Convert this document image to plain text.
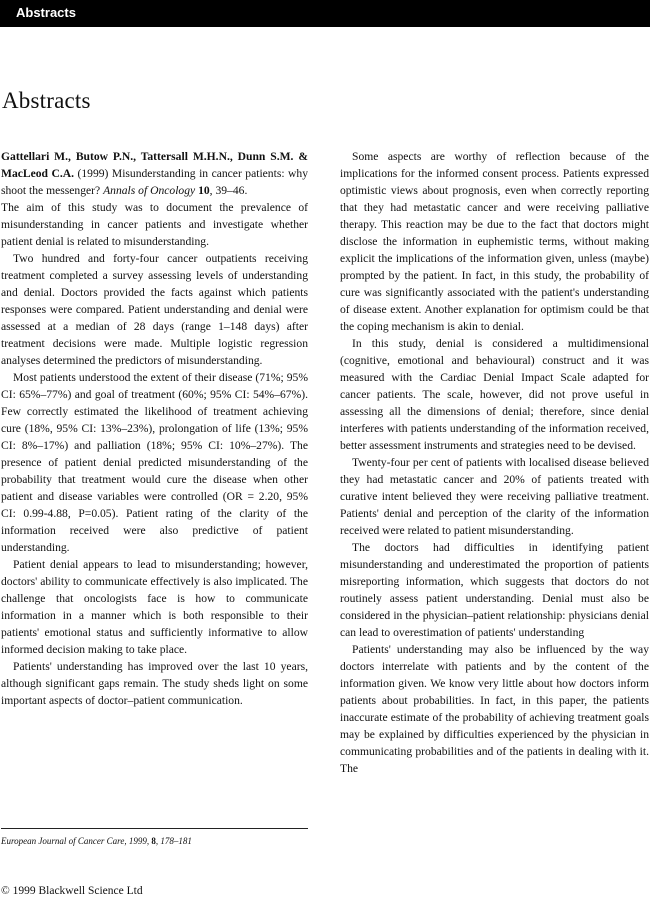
Abstracts
Abstracts

Gattellari M., Butow P.N., Tattersall M.H.N., Dunn S.M. & MacLeod C.A. (1999) Misunderstanding in cancer patients: why shoot the messenger? Annals of Oncology 10, 39–46.

The aim of this study was to document the prevalence of misunderstanding in cancer patients and investigate whether patient denial is related to misunderstanding.

Two hundred and forty-four cancer outpatients receiving treatment completed a survey assessing levels of understanding and denial. Doctors provided the facts against which patients responses were compared. Patient understanding and denial were assessed at a median of 28 days (range 1–148 days) after treatment decisions were made. Multiple logistic regression analyses determined the predictors of misunderstanding.

Most patients understood the extent of their disease (71%; 95% CI: 65%–77%) and goal of treatment (60%; 95% CI: 54%–67%). Few correctly estimated the likelihood of treatment achieving cure (18%, 95% CI: 13%–23%), prolongation of life (13%; 95% CI: 8%–17%) and palliation (18%; 95% CI: 10%–27%). The presence of patient denial predicted misunderstanding of the probability that treatment would cure the disease when other patient and disease variables were controlled (OR = 2.20, 95% CI: 0.99-4.88, P=0.05). Patient rating of the clarity of the information received were also predictive of patient understanding.

Patient denial appears to lead to misunderstanding; however, doctors' ability to communicate effectively is also implicated. The challenge that oncologists face is how to communicate information in a manner which is both responsible to their patients' emotional status and sufficiently informative to allow informed decision making to take place.

Patients' understanding has improved over the last 10 years, although significant gaps remain. The study sheds light on some important aspects of doctor–patient communication.

Some aspects are worthy of reflection because of the implications for the informed consent process. Patients expressed optimistic views about prognosis, even when correctly reporting that they had metastatic cancer and were receiving palliative therapy. This reaction may be due to the fact that doctors might disclose the information in euphemistic terms, without making explicit the implications of the information given, unless (maybe) prompted by the patient. In fact, in this study, the probability of cure was significantly associated with the patient's understanding of disease extent. Another explanation for optimism could be that the coping mechanism is akin to denial.

In this study, denial is considered a multidimensional (cognitive, emotional and behavioural) construct and it was measured with the Cardiac Denial Impact Scale adapted for cancer patients. The scale, however, did not prove useful in assessing all the dimensions of denial; therefore, since denial interferes with patients understanding of the information received, better assessment instruments and strategies need to be devised.

Twenty-four per cent of patients with localised disease believed they had metastatic cancer and 20% of patients treated with curative intent believed they were receiving palliative treatment. Patients' denial and perception of the clarity of the information received were related to patient misunderstanding.

The doctors had difficulties in identifying patient misunderstanding and underestimated the proportion of patients misreporting information, which suggests that doctors do not routinely assess patient understanding. Denial must also be considered in the physician–patient relationship: physicians denial can lead to overestimation of patients' understanding

Patients' understanding may also be influenced by the way doctors interrelate with patients and by the content of the information given. We know very little about how doctors inform patients about probabilities. In fact, in this paper, the patients inaccurate estimate of the probability of achieving treatment goals may be explained by difficulties experienced by the physician in communicating probabilities and of the patients in dealing with it. The

European Journal of Cancer Care, 1999, 8, 178–181
© 1999 Blackwell Science Ltd
